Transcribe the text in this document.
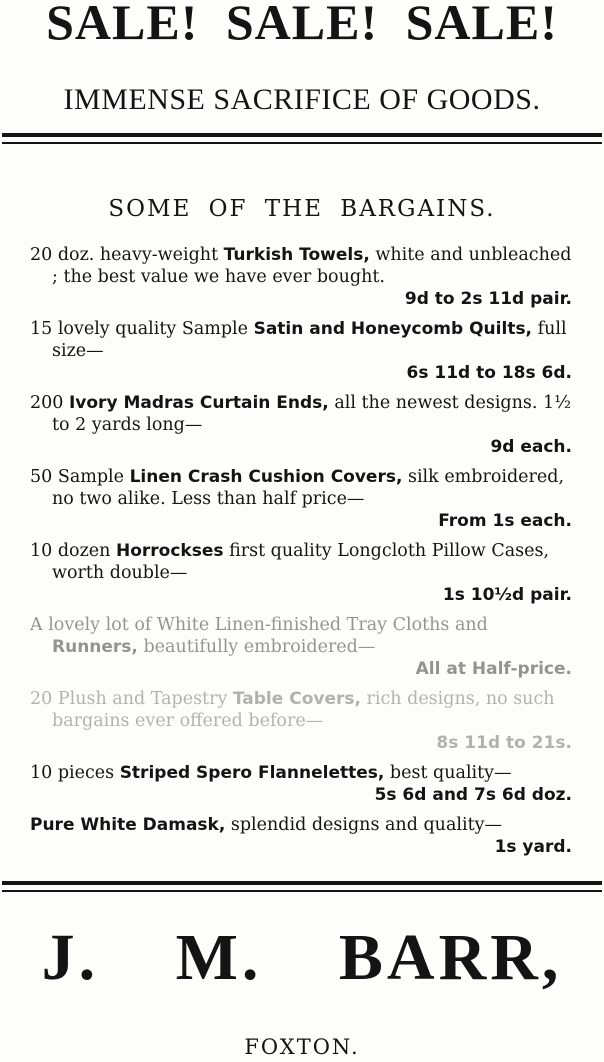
SALE! SALE! SALE!
IMMENSE SACRIFICE OF GOODS.
SOME OF THE BARGAINS.
20 doz. heavy-weight Turkish Towels, white and unbleached ; the best value we have ever bought.
9d to 2s 11d pair.
15 lovely quality Sample Satin and Honeycomb Quilts, full size—
6s 11d to 18s 6d.
200 Ivory Madras Curtain Ends, all the newest designs. 1½ to 2 yards long—
9d each.
50 Sample Linen Crash Cushion Covers, silk embroidered, no two alike. Less than half price—
From 1s each.
10 dozen Horrockses first quality Longcloth Pillow Cases, worth double—
1s 10½d pair.
A lovely lot of White Linen-finished Tray Cloths and Runners, beautifully embroidered—
All at Half-price.
20 Plush and Tapestry Table Covers, rich designs, no such bargains ever offered before—
8s 11d to 21s.
10 pieces Striped Spero Flannelettes, best quality—
5s 6d and 7s 6d doz.
Pure White Damask, splendid designs and quality—
1s yard.
J. M. BARR,
FOXTON.
